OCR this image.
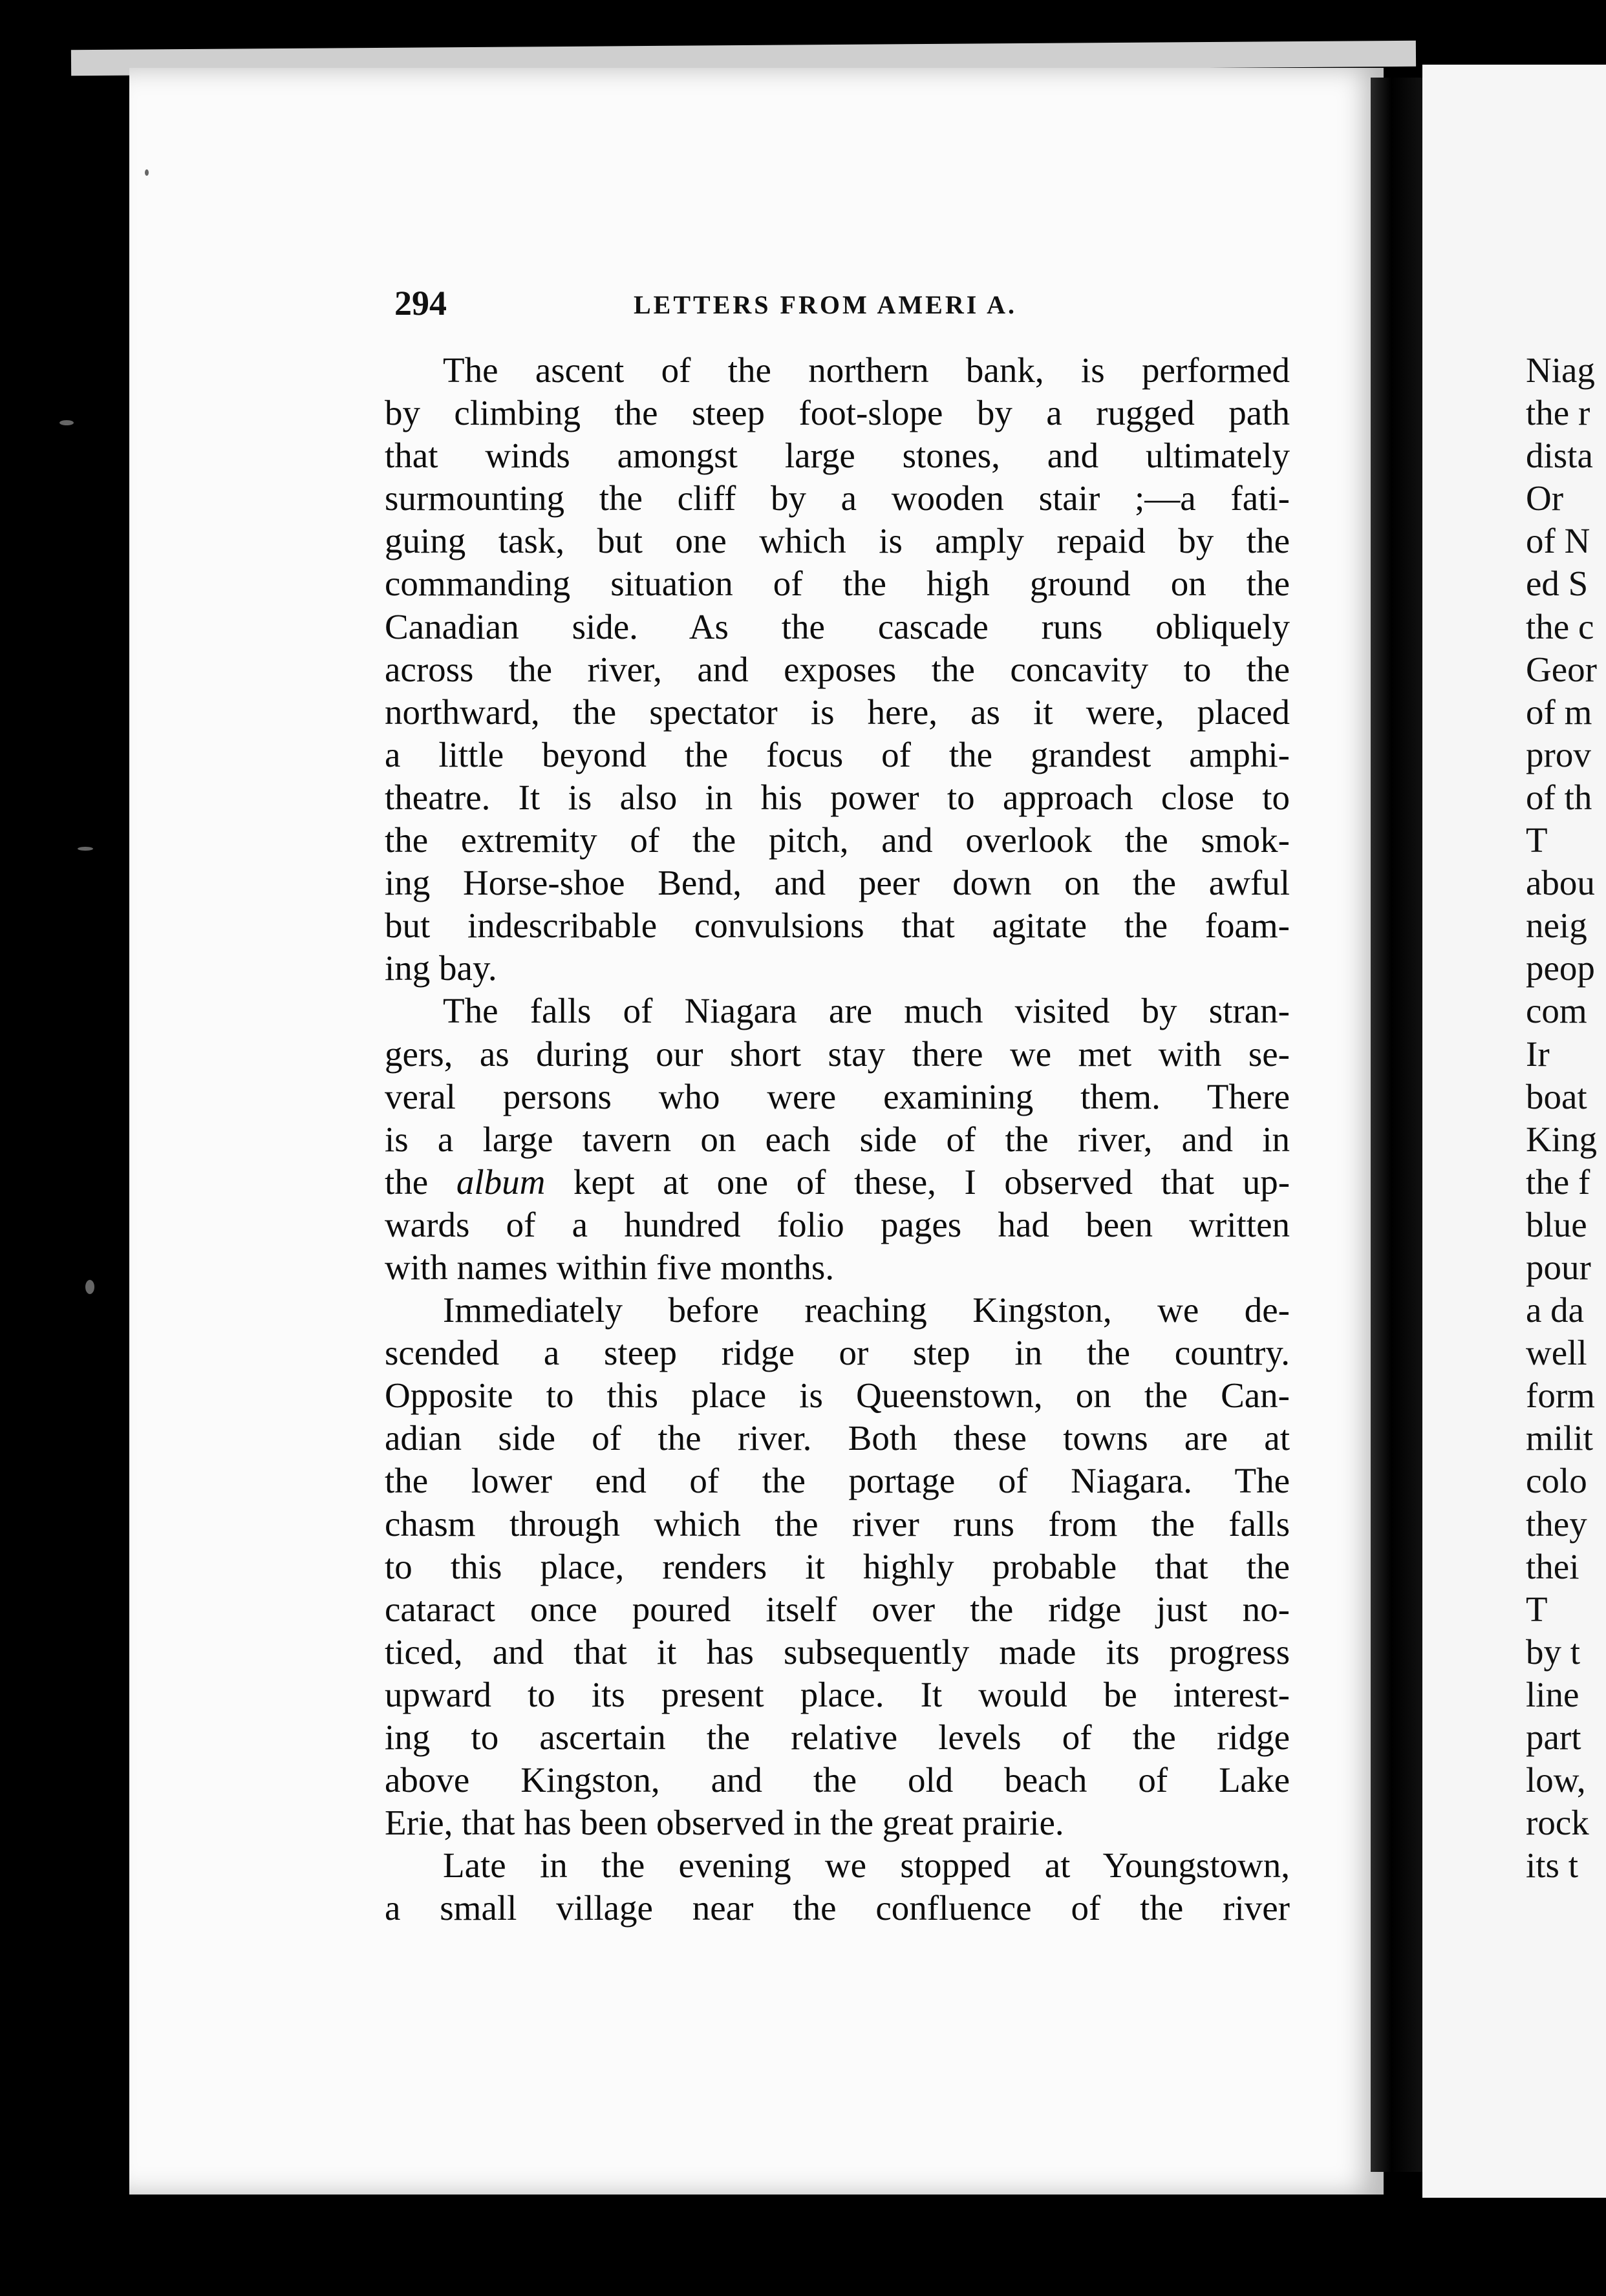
294	LETTERS FROM AMERI A.
The ascent of the northern bank, is performed
by climbing the steep foot-slope by a rugged path
that winds amongst large stones, and ultimately
surmounting the cliff by a wooden stair ;—a fati-
guing task, but one which is amply repaid by the
commanding situation of the high ground on the
Canadian side. As the cascade runs obliquely
across the river, and exposes the concavity to the
northward, the spectator is here, as it were, placed
a little beyond the focus of the grandest amphi-
theatre. It is also in his power to approach close to
the extremity of the pitch, and overlook the smok-
ing Horse-shoe Bend, and peer down on the awful
but indescribable convulsions that agitate the foam-
ing bay.
The falls of Niagara are much visited by stran-
gers, as during our short stay there we met with se-
veral persons who were examining them. There
is a large tavern on each side of the river, and in
the album kept at one of these, I observed that up-
wards of a hundred folio pages had been written
with names within five months.
Immediately before reaching Kingston, we de-
scended a steep ridge or step in the country.
Opposite to this place is Queenstown, on the Can-
adian side of the river. Both these towns are at
the lower end of the portage of Niagara. The
chasm through which the river runs from the falls
to this place, renders it highly probable that the
cataract once poured itself over the ridge just no-
ticed, and that it has subsequently made its progress
upward to its present place. It would be interest-
ing to ascertain the relative levels of the ridge
above Kingston, and the old beach of Lake
Erie, that has been observed in the great prairie.
Late in the evening we stopped at Youngstown,
a small village near the confluence of the river
Niag
the r
dista
Or
of N
ed S
the c
Geor
of m
prov
of th
T
abou
neig
peop
com
Ir
boat
King
the f
blue
pour
a da
well
form
milit
colo
they
thei
T
by t
line
part
low,
rock
its t
